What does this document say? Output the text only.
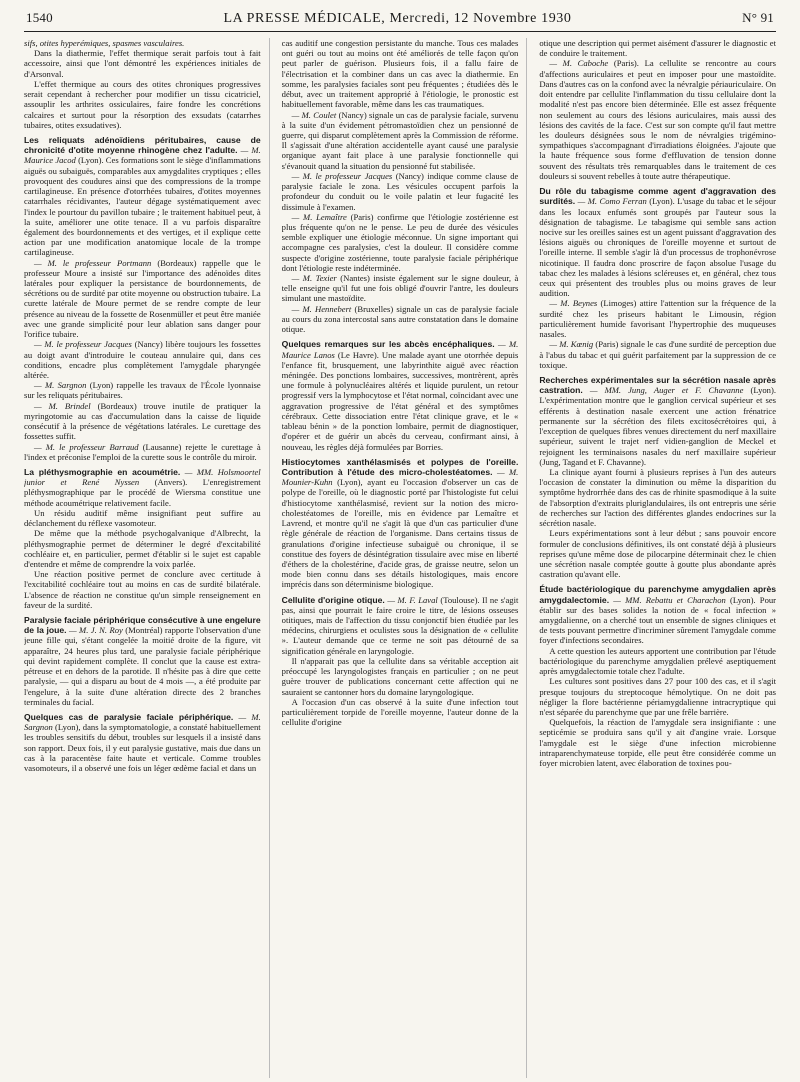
1540	LA PRESSE MÉDICALE, Mercredi, 12 Novembre 1930	N° 91

sifs, otites hyperémiques, spasmes vasculaires.

Dans la diathermie, l'effet thermique serait parfois tout à fait accessoire, ainsi que l'ont démontré les expériences initiales de d'Arsonval.

L'effet thermique au cours des otites chroniques progressives serait cependant à rechercher pour modifier un tissu cicatriciel, assouplir les arthrites ossiculaires, faire fondre les concrétions calcaires et surtout pour la résorption des exsudats (catarrhes tubaires, otites exsudatives).

Les reliquats adénoïdiens péritubaires, cause de chronicité d'otite moyenne rhinogène chez l'adulte. — M. Maurice Jacod (Lyon). Ces formations sont le siège d'inflammations aiguës ou subaiguës, comparables aux amygdalites cryptiques ; elles provoquent des coudures ainsi que des compressions de la trompe cartilagineuse. En présence d'otorrhées tubaires, d'otites moyennes catarrhales récidivantes, l'auteur dégage systématiquement avec l'index le pourtour du pavillon tubaire ; le traitement habituel peut, à la suite, améliorer une otite tenace. Il a vu parfois disparaître également des bourdonnements et des vertiges, et il explique cette action par une modification anatomique locale de la trompe cartilagineuse.

— M. le professeur Portmann (Bordeaux) rappelle que le professeur Moure a insisté sur l'importance des adénoïdes dites latérales pour expliquer la persistance de bourdonnements, de sécrétions ou de surdité par otite moyenne ou obstruction tubaire. La curette latérale de Moure permet de se rendre compte de leur présence au niveau de la fossette de Rosenmüller et peut être maniée avec une grande simplicité pour leur ablation sans danger pour l'orifice tubaire.

— M. le professeur Jacques (Nancy) libère toujours les fossettes au doigt avant d'introduire le couteau annulaire qui, dans ces conditions, encadre plus complètement l'amygdale pharyngée altérée.

— M. Sargnon (Lyon) rappelle les travaux de l'École lyonnaise sur les reliquats péritubaires.

— M. Brindel (Bordeaux) trouve inutile de pratiquer la myringotomie au cas d'accumulation dans la caisse de liquide consécutif à la présence de végétations latérales. Le curettage des fossettes suffit.

— M. le professeur Barraud (Lausanne) rejette le curettage à l'index et préconise l'emploi de la curette sous le contrôle du miroir.

La pléthysmographie en acoumétrie. — MM. Holsmoortel junior et René Nyssen (Anvers). L'enregistrement pléthysmographique par le procédé de Wiersma constitue une méthode acoumétrique relativement facile.

Un résidu auditif même insignifiant peut suffire au déclanchement du réflexe vasomoteur.

De même que la méthode psychogalvanique d'Albrecht, la pléthysmographie permet de déterminer le degré d'excitabilité cochléaire et, en particulier, permet d'établir si le sujet est capable d'entendre et même de comprendre la voix parlée.

Une réaction positive permet de conclure avec certitude à l'excitabilité cochléaire tout au moins en cas de surdité bilatérale. L'absence de réaction ne constitue qu'un simple renseignement en faveur de la surdité.

Paralysie faciale périphérique consécutive à une engelure de la joue. — M. J. N. Roy (Montréal) rapporte l'observation d'une jeune fille qui, s'étant congelée la moitié droite de la figure, vit apparaître, 24 heures plus tard, une paralysie faciale périphérique qui devint rapidement complète. Il conclut que la cause est extra-pétreuse et en dehors de la parotide. Il n'hésite pas à dire que cette paralysie, — qui a disparu au bout de 4 mois —, a été produite par l'engelure, à la suite d'une altération directe des 2 branches terminales du facial.

Quelques cas de paralysie faciale périphérique. — M. Sargnon (Lyon), dans la symptomatologie, a constaté habituellement les troubles sensitifs du début, troubles sur lesquels il a insisté dans son rapport. Deux fois, il y eut paralysie gustative, mais due dans un cas à la paracentèse faite haute et verticale. Comme troubles vasomoteurs, il a observé une fois un léger œdème facial et dans un

cas auditif une congestion persistante du manche. Tous ces malades ont guéri ou tout au moins ont été améliorés de telle façon qu'on peut parler de guérison. Plusieurs fois, il a fallu faire de l'électrisation et la combiner dans un cas avec la diathermie. En somme, les paralysies faciales sont peu fréquentes ; étudiées dès le début, avec un traitement approprié à l'étiologie, le pronostic est habituellement favorable, même dans les cas traumatiques.

— M. Coulet (Nancy) signale un cas de paralysie faciale, survenu à la suite d'un évidement pétromastoïdien chez un pensionné de guerre, qui disparut complètement après la Commission de réforme. Il s'agissait d'une altération accidentelle ayant causé une paralysie organique ayant fait place à une paralysie fonctionnelle qui s'évanouit quand la situation du pensionné fut stabilisée.

— M. le professeur Jacques (Nancy) indique comme clause de paralysie faciale le zona. Les vésicules occupent parfois la profondeur du conduit ou le voile palatin et leur fugacité les dissimule à l'examen.

— M. Lemaître (Paris) confirme que l'étiologie zostérienne est plus fréquente qu'on ne le pense. Le peu de durée des vésicules semble expliquer une étiologie méconnue. Un signe important qui accompagne ces paralysies, c'est la douleur. Il considère comme suspecte d'origine zostérienne, toute paralysie faciale périphérique dont l'étiologie reste indéterminée.

— M. Texier (Nantes) insiste également sur le signe douleur, à telle enseigne qu'il fut une fois obligé d'ouvrir l'antre, les douleurs simulant une mastoïdite.

— M. Hennebert (Bruxelles) signale un cas de paralysie faciale au cours du zona intercostal sans autre constatation dans le domaine otique.

Quelques remarques sur les abcès encéphaliques. — M. Maurice Lanos (Le Havre). Une malade ayant une otorrhée depuis l'enfance fit, brusquement, une labyrinthite aiguë avec réaction méningée. Des ponctions lombaires, successives, montrèrent, après une formule à polynucléaires altérés et liquide purulent, un retour progressif vers la lymphocytose et l'état normal, coïncidant avec une aggravation progressive de l'état général et des symptômes cérébraux. Cette dissociation entre l'état clinique grave, et le « tableau bénin » de la ponction lombaire, permit de diagnostiquer, d'opérer et de guérir un abcès du cerveau, confirmant ainsi, à nouveau, les règles déjà formulées par Borries.

Histiocytomes xanthélasmisés et polypes de l'oreille. Contribution à l'étude des micro-cholestéatomes. — M. Mounier-Kuhn (Lyon), ayant eu l'occasion d'observer un cas de polype de l'oreille, où le diagnostic porté par l'histologiste fut celui d'histiocytome xanthélasmisé, revient sur la notion des micro-cholestéatomes de l'oreille, mis en évidence par Lemaître et Lavrend, et montre qu'il ne s'agit là que d'un cas particulier d'une règle générale de réaction de l'organisme. Dans certains tissus de granulations d'origine infectieuse subaiguë ou chronique, il se constitue des foyers de désintégration tissulaire avec mise en liberté d'éthers de la cholestérine, d'acide gras, de graisse neutre, selon un mode bien connu dans ses détails histologiques, mais encore imprécis dans son déterminisme biologique.

Cellulite d'origine otique. — M. F. Laval (Toulouse). Il ne s'agit pas, ainsi que pourrait le faire croire le titre, de lésions osseuses otitiques, mais de l'affection du tissu conjonctif bien étudiée par les médecins, chirurgiens et oculistes sous la désignation de « cellulite ». L'auteur demande que ce terme ne soit pas détourné de sa signification générale en laryngologie.

Il n'apparait pas que la cellulite dans sa véritable acception ait préoccupé les laryngologistes français en particulier ; on ne peut guère trouver de publications concernant cette affection qui ne sauraient se cantonner hors du domaine laryngologique.

A l'occasion d'un cas observé à la suite d'une infection tout particulièrement torpide de l'oreille moyenne, l'auteur donne de la cellulite d'origine

otique une description qui permet aisément d'assurer le diagnostic et de conduire le traitement.

— M. Caboche (Paris). La cellulite se rencontre au cours d'affections auriculaires et peut en imposer pour une mastoïdite. Dans d'autres cas on la confond avec la névralgie périauriculaire. On doit entendre par cellulite l'inflammation du tissu cellulaire dont la modalité n'est pas encore bien déterminée. Elle est assez fréquente non seulement au cours des lésions auriculaires, mais aussi des lésions des cavités de la face. C'est sur son compte qu'il faut mettre les douleurs désignées sous le nom de névralgies trigémino-sympathiques s'accompagnant d'irradiations éloignées. J'ajoute que la haute fréquence sous forme d'effluvation de tension donne souvent des résultats très remarquables dans le traitement de ces douleurs si souvent rebelles à toute autre thérapeutique.

Du rôle du tabagisme comme agent d'aggravation des surdités. — M. Como Ferran (Lyon). L'usage du tabac et le séjour dans les locaux enfumés sont groupés par l'auteur sous la désignation de tabagisme. Le tabagisme qui semble sans action nocive sur les oreilles saines est un agent puissant d'aggravation des lésions aiguës ou chroniques de l'oreille moyenne et surtout de l'oreille interne. Il semble s'agir là d'un processus de trophonévrose nicotinique. Il faudra donc proscrire de façon absolue l'usage du tabac chez les malades à lésions scléreuses et, en général, chez tous ceux qui présentent des troubles plus ou moins graves de leur audition.

— M. Beynes (Limoges) attire l'attention sur la fréquence de la surdité chez les priseurs habitant le Limousin, région particulièrement humide favorisant l'hypertrophie des muqueuses nasales.

— M. Kœnig (Paris) signale le cas d'une surdité de perception due à l'abus du tabac et qui guérit parfaitement par la suppression de ce toxique.

Recherches expérimentales sur la sécrétion nasale après castration. — MM. Jung, Auger et F. Chavanne (Lyon). L'expérimentation montre que le ganglion cervical supérieur et ses efférents à destination nasale exercent une action frénatrice permanente sur la sécrétion des filets excitosécrétoires qui, à l'exception de quelques fibres venues directement du nerf maxillaire supérieur, suivent le trajet nerf vidien-ganglion de Meckel et rejoignent les terminaisons nasales du nerf maxillaire supérieur (Jung, Tagand et F. Chavanne).

La clinique ayant fourni à plusieurs reprises à l'un des auteurs l'occasion de constater la diminution ou même la disparition du symptôme hydrorrhée dans des cas de rhinite spasmodique à la suite de l'absorption d'extraits pluriglandulaires, ils ont entrepris une série de recherches sur l'action des différentes glandes endocrines sur la sécrétion nasale.

Leurs expérimentations sont à leur début ; sans pouvoir encore formuler de conclusions définitives, ils ont constaté déjà à plusieurs reprises qu'une même dose de pilocarpine déterminait chez le chien une sécrétion nasale comptée goutte à goutte plus abondante après castration qu'avant elle.

Étude bactériologique du parenchyme amygdalien après amygdalectomie. — MM. Rebattu et Charachon (Lyon). Pour établir sur des bases solides la notion de « focal infection » amygdalienne, on a cherché tout un ensemble de signes cliniques et de tests pouvant permettre d'incriminer sûrement l'amygdale comme foyer d'infections secondaires.

A cette question les auteurs apportent une contribution par l'étude bactériologique du parenchyme amygdalien prélevé aseptiquement après amygdalectomie totale chez l'adulte.

Les cultures sont positives dans 27 pour 100 des cas, et il s'agit presque toujours du streptocoque hémolytique. On ne doit pas négliger la flore bactérienne périamygdalienne intracryptique qui n'est séparée du parenchyme que par une frêle barrière.

Quelquefois, la réaction de l'amygdale sera insignifiante : une septicémie se produira sans qu'il y ait d'angine vraie. Lorsque l'amygdale est le siège d'une infection microbienne intraparenchymateuse torpide, elle peut être considérée comme un foyer microbien latent, avec élaboration de toxines pou-
